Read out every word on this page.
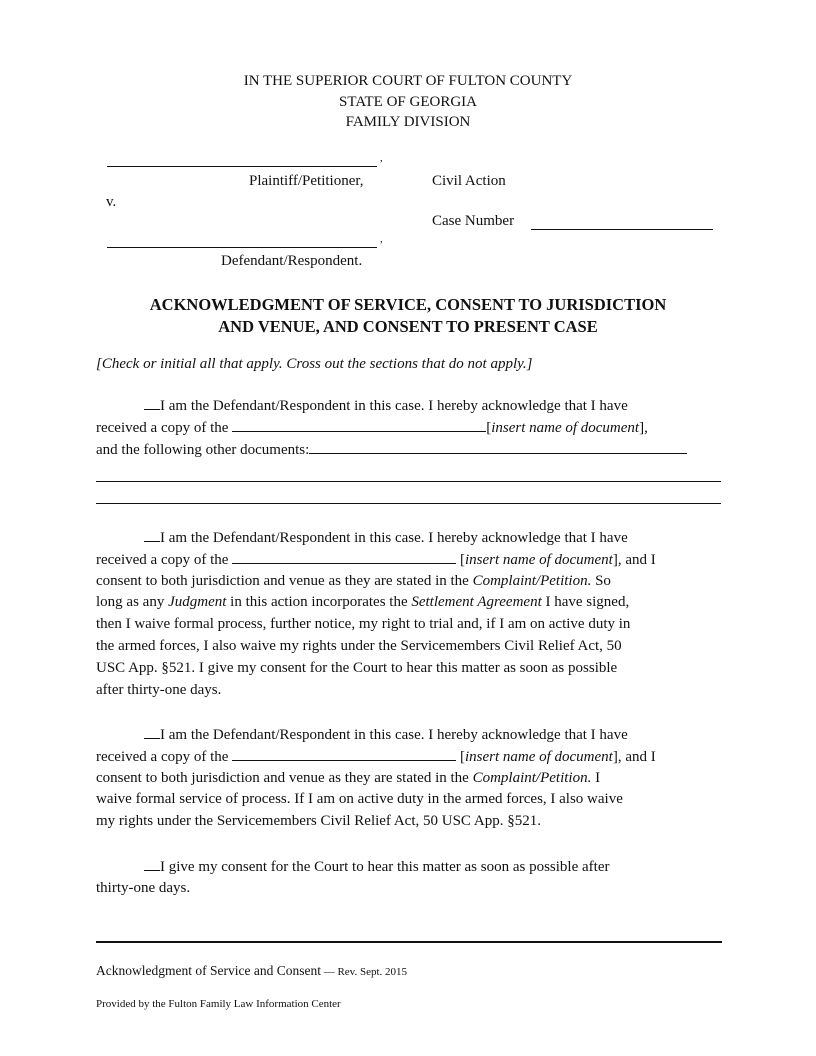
IN THE SUPERIOR COURT OF FULTON COUNTY
STATE OF GEORGIA
FAMILY DIVISION
,
Plaintiff/Petitioner,	Civil Action
v.
Case Number
,
Defendant/Respondent.
ACKNOWLEDGMENT OF SERVICE, CONSENT TO JURISDICTION
AND VENUE, AND CONSENT TO PRESENT CASE
[Check or initial all that apply. Cross out the sections that do not apply.]
I am the Defendant/Respondent in this case. I hereby acknowledge that I have
received a copy of the	[insert name of document],
and the following other documents:
I am the Defendant/Respondent in this case. I hereby acknowledge that I have
received a copy of the	[insert name of document], and I
consent to both jurisdiction and venue as they are stated in the Complaint/Petition. So
long as any Judgment in this action incorporates the Settlement Agreement I have signed,
then I waive formal process, further notice, my right to trial and, if I am on active duty in
the armed forces, I also waive my rights under the Servicemembers Civil Relief Act, 50
USC App. §521. I give my consent for the Court to hear this matter as soon as possible
after thirty-one days.
I am the Defendant/Respondent in this case. I hereby acknowledge that I have
received a copy of the	[insert name of document], and I
consent to both jurisdiction and venue as they are stated in the Complaint/Petition. I
waive formal service of process. If I am on active duty in the armed forces, I also waive
my rights under the Servicemembers Civil Relief Act, 50 USC App. §521.
I give my consent for the Court to hear this matter as soon as possible after
thirty-one days.
Acknowledgment of Service and Consent — Rev. Sept. 2015
Provided by the Fulton Family Law Information Center
